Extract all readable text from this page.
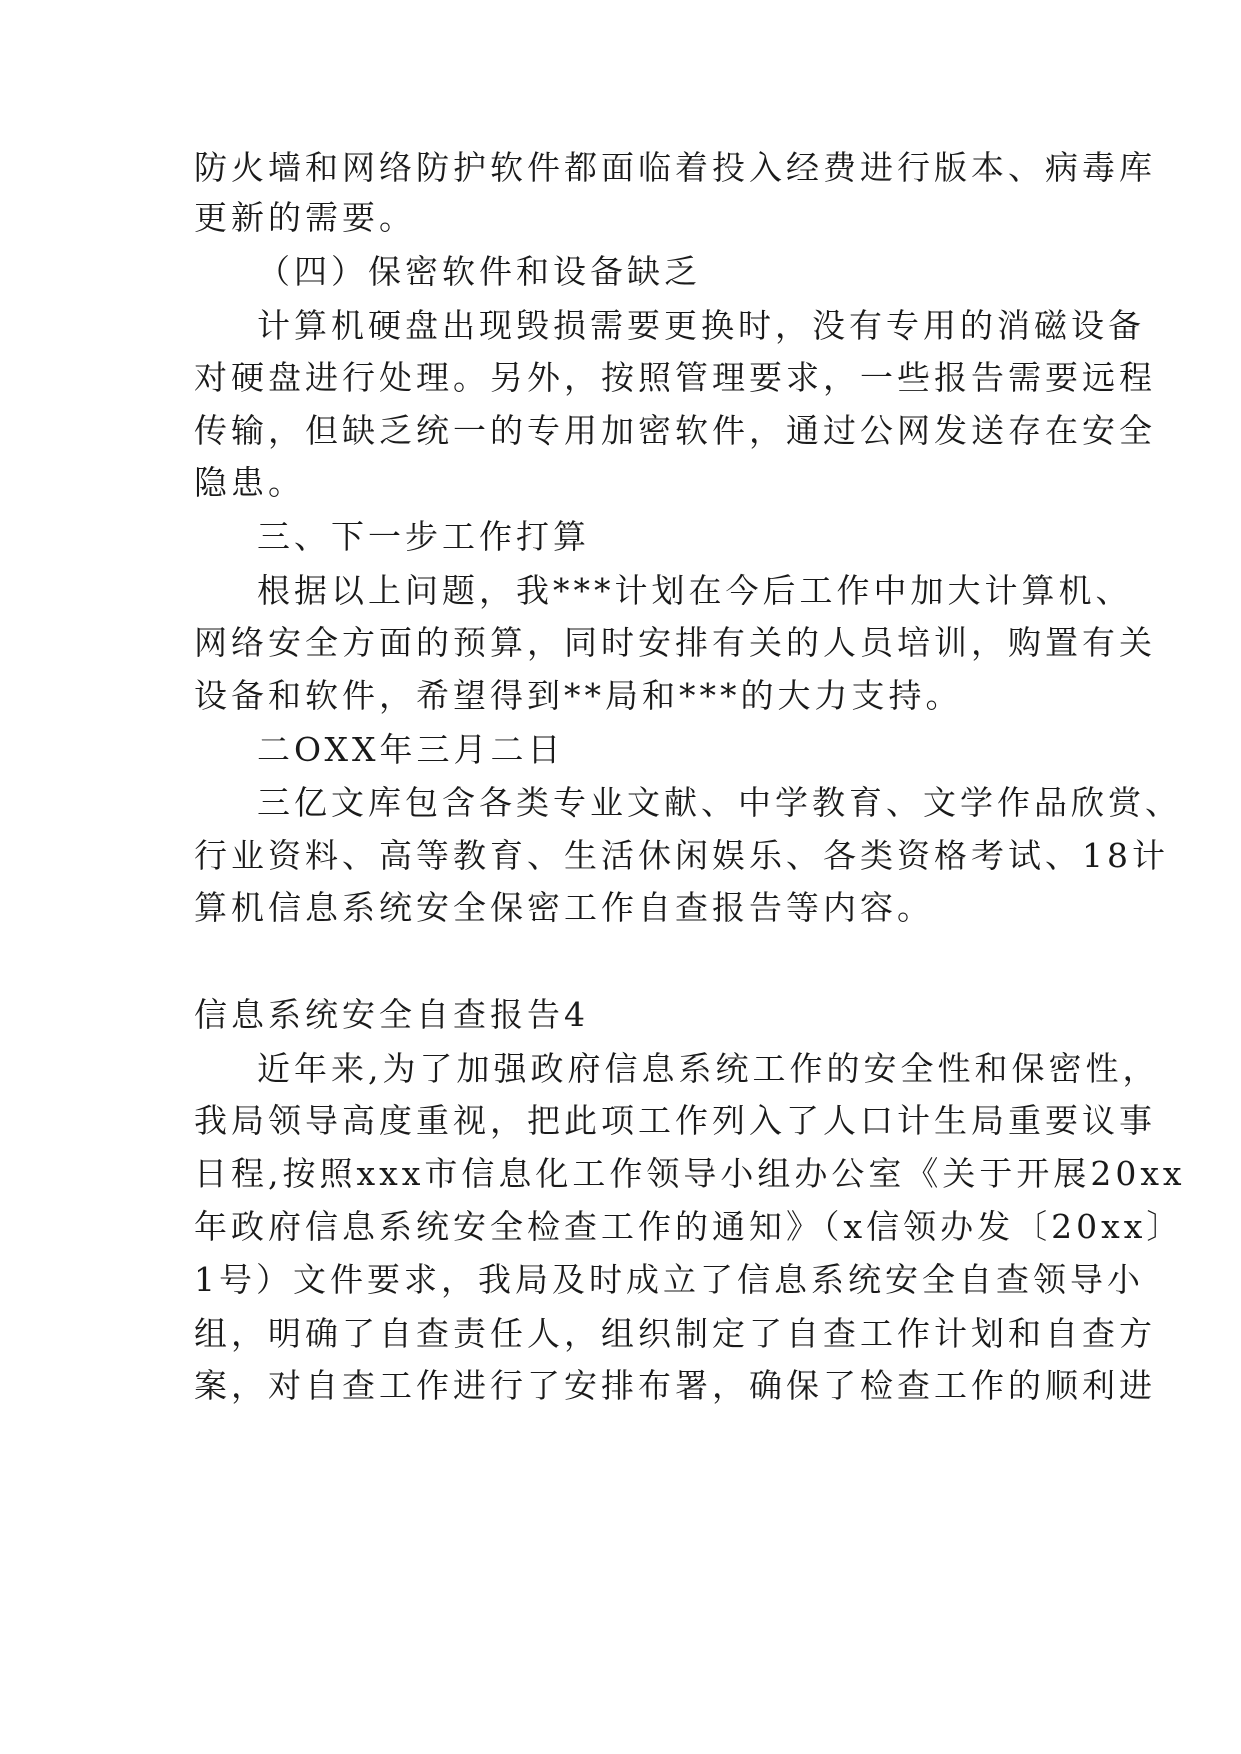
防火墙和网络防护软件都面临着投入经费进行版本、病毒库
更新的需要。
（四）保密软件和设备缺乏
计算机硬盘出现毁损需要更换时，没有专用的消磁设备
对硬盘进行处理。另外，按照管理要求，一些报告需要远程
传输，但缺乏统一的专用加密软件，通过公网发送存在安全
隐患。
三、下一步工作打算
根据以上问题，我***计划在今后工作中加大计算机、
网络安全方面的预算，同时安排有关的人员培训，购置有关
设备和软件，希望得到**局和***的大力支持。
二OXX年三月二日
三亿文库包含各类专业文献、中学教育、文学作品欣赏、
行业资料、高等教育、生活休闲娱乐、各类资格考试、18计
算机信息系统安全保密工作自查报告等内容。
信息系统安全自查报告4
近年来,为了加强政府信息系统工作的安全性和保密性，
我局领导高度重视，把此项工作列入了人口计生局重要议事
日程,按照xxx市信息化工作领导小组办公室《关于开展20xx
年政府信息系统安全检查工作的通知》（x信领办发〔20xx〕
1号）文件要求，我局及时成立了信息系统安全自查领导小
组，明确了自查责任人，组织制定了自查工作计划和自查方
案，对自查工作进行了安排布署，确保了检查工作的顺利进
